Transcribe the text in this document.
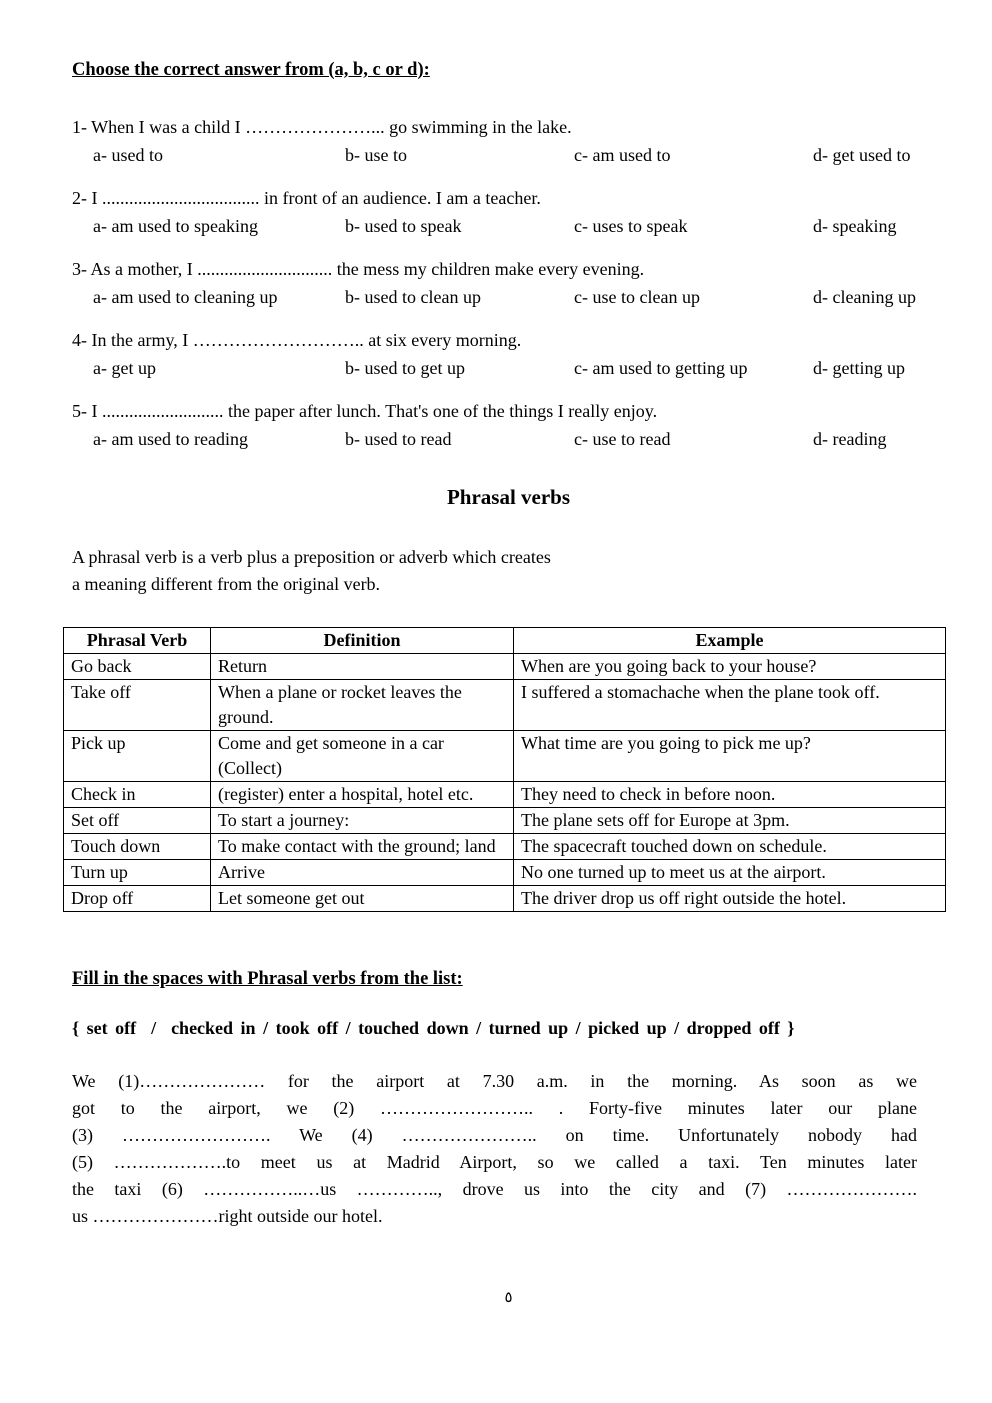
Choose the correct answer from (a, b, c or d):
1- When I was a child I …………………... go swimming in the lake.
a- used to	b- use to	c- am used to	d- get used to
2- I ................................... in front of an audience. I am a teacher.
a- am used to speaking	b- used to speak	c- uses to speak	d- speaking
3- As a mother, I .............................. the mess my children make every evening.
a- am used to cleaning up	b- used to clean up	c- use to clean up	d- cleaning up
4- In the army, I ……………………….. at six every morning.
a- get up	b- used to get up	c- am used to getting up	d- getting up
5- I ........................... the paper after lunch. That's one of the things I really enjoy.
a- am used to reading	b- used to read	c- use to read	d- reading
Phrasal verbs
A phrasal verb is a verb plus a preposition or adverb which creates
a meaning different from the original verb.
Phrasal Verb	Definition	Example
Go back	Return	When are you going back to your house?
Take off	When a plane or rocket leaves the ground.	I suffered a stomachache when the plane took off.
Pick up	Come and get someone in a car (Collect)	What time are you going to pick me up?
Check in	(register) enter a hospital, hotel etc.	They need to check in before noon.
Set off	To start a journey:	The plane sets off for Europe at 3pm.
Touch down	To make contact with the ground; land	The spacecraft touched down on schedule.
Turn up	Arrive	No one turned up to meet us at the airport.
Drop off	Let someone get out	The driver drop us off right outside the hotel.
Fill in the spaces with Phrasal verbs from the list:
{ set off  /  checked in / took off / touched down / turned up / picked up / dropped off }
We (1)………………… for the airport at 7.30 a.m. in the morning. As soon as we
got to the airport, we (2) …………………….. . Forty-five minutes later our plane
(3) ……………………. We (4) ………………….. on time. Unfortunately nobody had
(5) ……………….to meet us at Madrid Airport, so we called a taxi. Ten minutes later
the taxi (6) ……………..…us ………….., drove us into the city and (7) ………………….
us …………………right outside our hotel.
٥
